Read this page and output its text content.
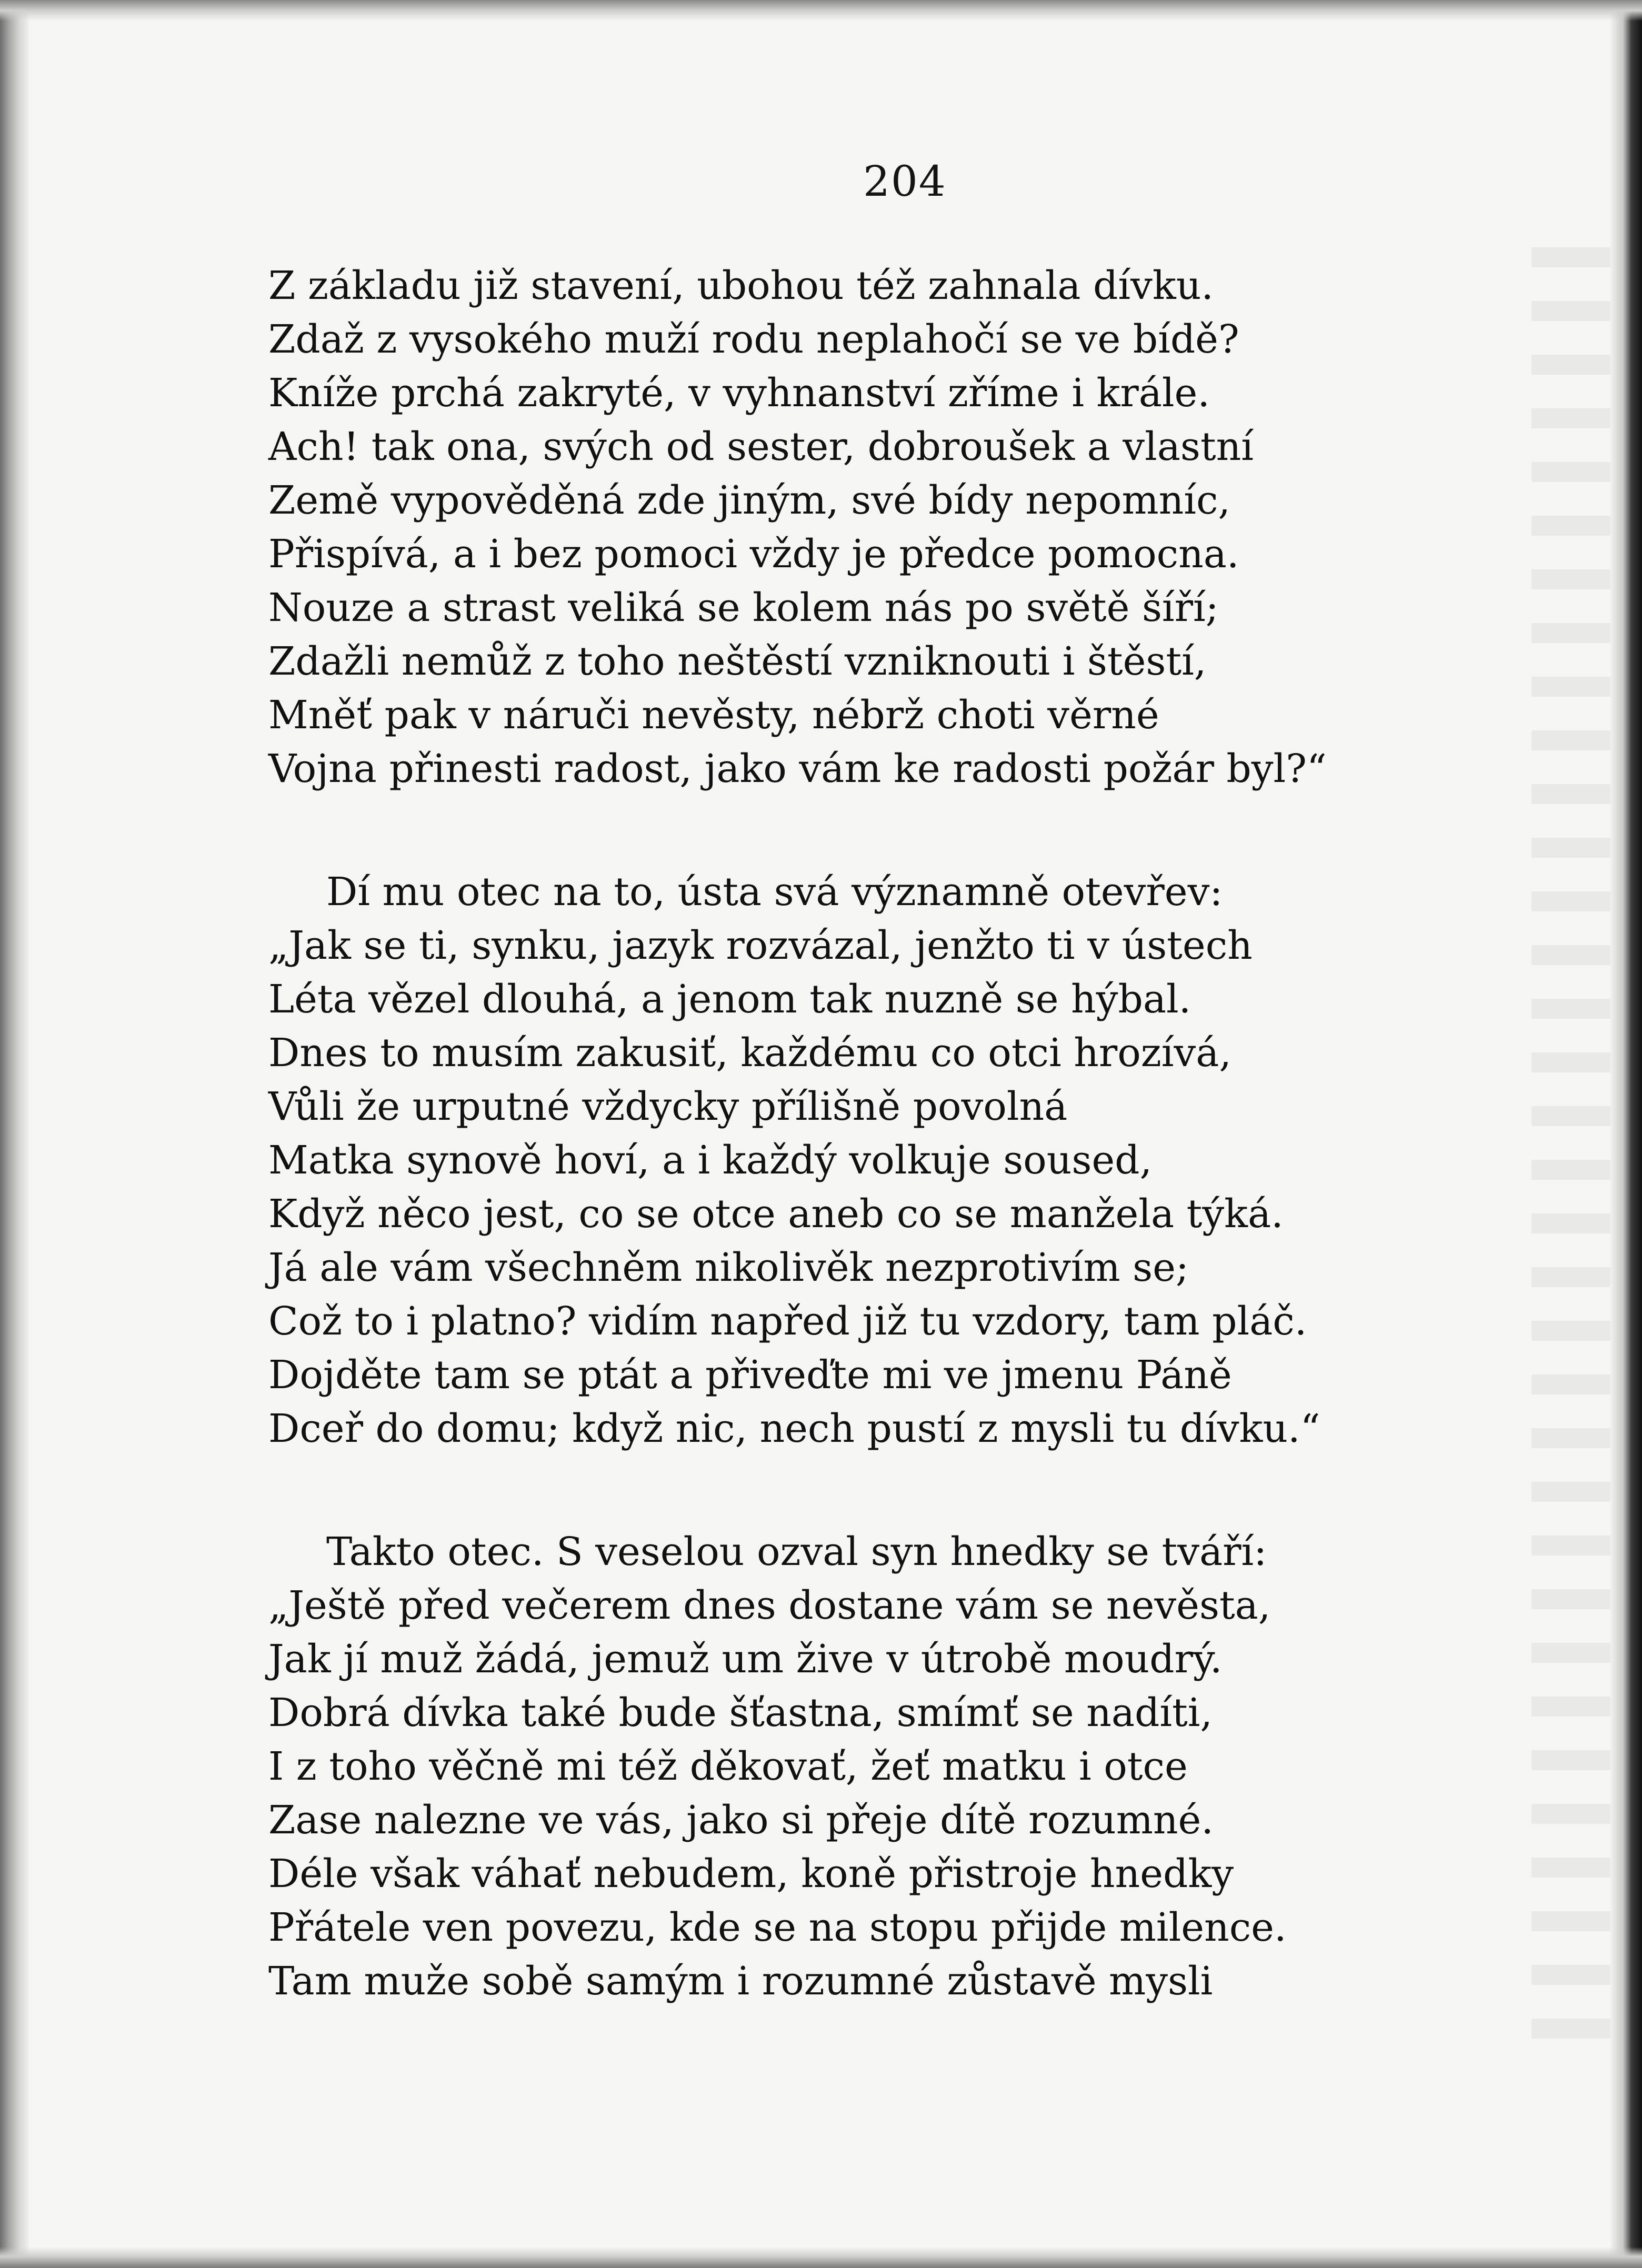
204
Z základu již stavení, ubohou též zahnala dívku.
Zdaž z vysokého muží rodu neplahočí se ve bídě?
Kníže prchá zakryté, v vyhnanství zříme i krále.
Ach! tak ona, svých od sester, dobroušek a vlastní
Země vypověděná zde jiným, své bídy nepomníc,
Přispívá, a i bez pomoci vždy je předce pomocna.
Nouze a strast veliká se kolem nás po světě šíří;
Zdažli nemůž z toho neštěstí vzniknouti i štěstí,
Mněť pak v náruči nevěsty, nébrž choti věrné
Vojna přinesti radost, jako vám ke radosti požár byl?“
Dí mu otec na to, ústa svá významně otevřev:
„Jak se ti, synku, jazyk rozvázal, jenžto ti v ústech
Léta vězel dlouhá, a jenom tak nuzně se hýbal.
Dnes to musím zakusiť, každému co otci hrozívá,
Vůli že urputné vždycky přílišně povolná
Matka synově hoví, a i každý volkuje soused,
Když něco jest, co se otce aneb co se manžela týká.
Já ale vám všechněm nikolivěk nezprotivím se;
Což to i platno? vidím napřed již tu vzdory, tam pláč.
Dojděte tam se ptát a přiveďte mi ve jmenu Páně
Dceř do domu; když nic, nech pustí z mysli tu dívku.“
Takto otec. S veselou ozval syn hnedky se tváří:
„Ještě před večerem dnes dostane vám se nevěsta,
Jak jí muž žádá, jemuž um žive v útrobě moudrý.
Dobrá dívka také bude šťastna, smímť se nadíti,
I z toho věčně mi též děkovať, žeť matku i otce
Zase nalezne ve vás, jako si přeje dítě rozumné.
Déle však váhať nebudem, koně přistroje hnedky
Přátele ven povezu, kde se na stopu přijde milence.
Tam muže sobě samým i rozumné zůstavě mysli
